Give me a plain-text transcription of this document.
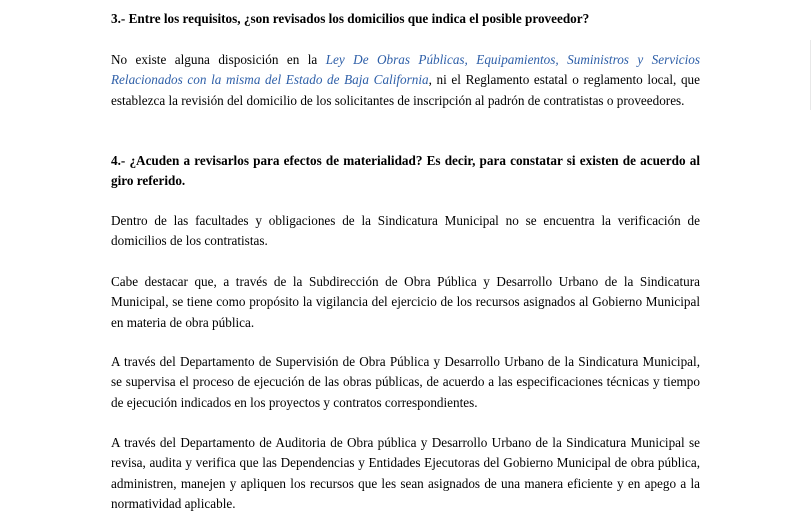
3.- Entre los requisitos, ¿son revisados los domicilios que indica el posible proveedor?

No existe alguna disposición en la Ley De Obras Públicas, Equipamientos, Suministros y Servicios Relacionados con la misma del Estado de Baja California, ni el Reglamento estatal o reglamento local, que establezca la revisión del domicilio de los solicitantes de inscripción al padrón de contratistas o proveedores.

4.- ¿Acuden a revisarlos para efectos de materialidad? Es decir, para constatar si existen de acuerdo al giro referido.

Dentro de las facultades y obligaciones de la Sindicatura Municipal no se encuentra la verificación de domicilios de los contratistas.

Cabe destacar que, a través de la Subdirección de Obra Pública y Desarrollo Urbano de la Sindicatura Municipal, se tiene como propósito la vigilancia del ejercicio de los recursos asignados al Gobierno Municipal en materia de obra pública.

A través del Departamento de Supervisión de Obra Pública y Desarrollo Urbano de la Sindicatura Municipal, se supervisa el proceso de ejecución de las obras públicas, de acuerdo a las especificaciones técnicas y tiempo de ejecución indicados en los proyectos y contratos correspondientes.

A través del Departamento de Auditoria de Obra pública y Desarrollo Urbano de la Sindicatura Municipal se revisa, audita y verifica que las Dependencias y Entidades Ejecutoras del Gobierno Municipal de obra pública, administren, manejen y apliquen los recursos que les sean asignados de una manera eficiente y en apego a la normatividad aplicable.
